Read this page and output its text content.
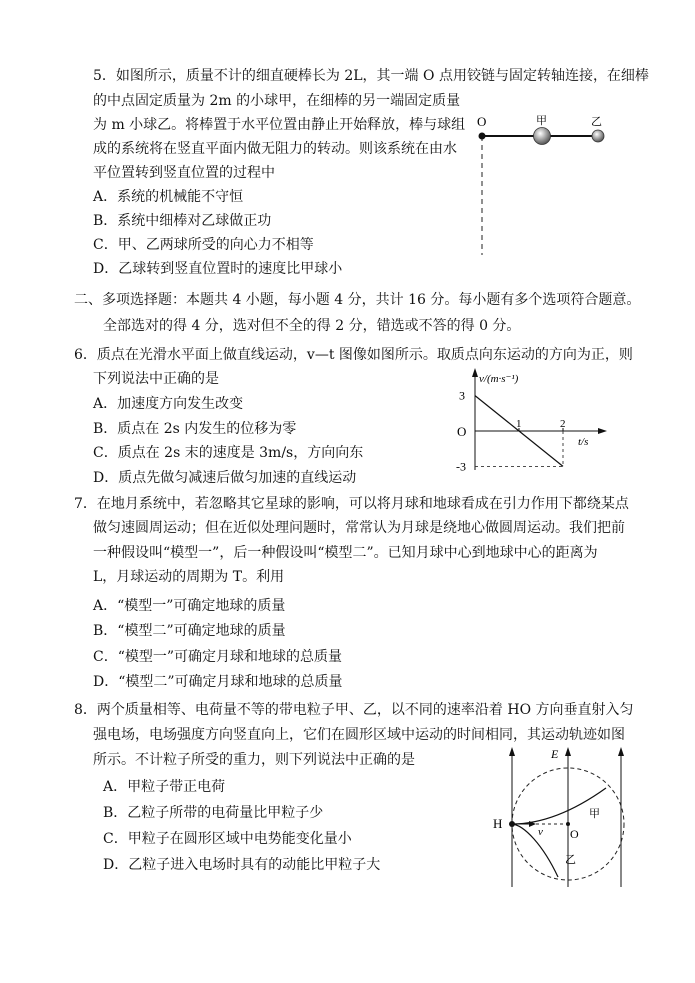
5．如图所示，质量不计的细直硬棒长为 2L，其一端 O 点用铰链与固定转轴连接，在细棒
的中点固定质量为 2m 的小球甲，在细棒的另一端固定质量
为 m 小球乙。将棒置于水平位置由静止开始释放，棒与球组
成的系统将在竖直平面内做无阻力的转动。则该系统在由水
平位置转到竖直位置的过程中
A．系统的机械能不守恒
B．系统中细棒对乙球做正功
C．甲、乙两球所受的向心力不相等
D．乙球转到竖直位置时的速度比甲球小
O	甲	乙
二、多项选择题：本题共 4 小题，每小题 4 分，共计 16 分。每小题有多个选项符合题意。
全部选对的得 4 分，选对但不全的得 2 分，错选或不答的得 0 分。
6．质点在光滑水平面上做直线运动，v—t 图像如图所示。取质点向东运动的方向为正，则
下列说法中正确的是
A．加速度方向发生改变
B．质点在 2s 内发生的位移为零
C．质点在 2s 末的速度是 3m/s，方向向东
D．质点先做匀减速后做匀加速的直线运动
1	2
3
-3
v/(m·s⁻¹)
t/s
O
7．在地月系统中，若忽略其它星球的影响，可以将月球和地球看成在引力作用下都绕某点
做匀速圆周运动；但在近似处理问题时，常常认为月球是绕地心做圆周运动。我们把前
一种假设叫“模型一”，后一种假设叫“模型二”。已知月球中心到地球中心的距离为
L，月球运动的周期为 T。利用
A．“模型一”可确定地球的质量
B．“模型二”可确定地球的质量
C．“模型一”可确定月球和地球的总质量
D．“模型二”可确定月球和地球的总质量
8．两个质量相等、电荷量不等的带电粒子甲、乙，以不同的速率沿着 HO 方向垂直射入匀
强电场，电场强度方向竖直向上，它们在圆形区域中运动的时间相同，其运动轨迹如图
所示。不计粒子所受的重力，则下列说法中正确的是
A．甲粒子带正电荷
B．乙粒子所带的电荷量比甲粒子少
C．甲粒子在圆形区域中电势能变化量小
D．乙粒子进入电场时具有的动能比甲粒子大
E
H
O
v
甲
乙
